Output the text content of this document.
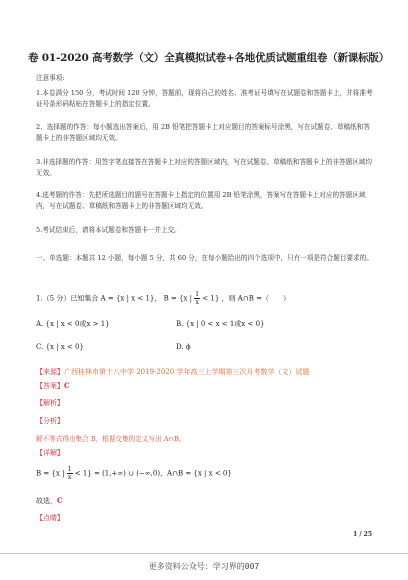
卷 01-2020 高考数学（文）全真模拟试卷+各地优质试题重组卷（新课标版）
注意事项:
1.本卷满分 150 分，考试时间 120 分钟，答题前，现将自己的姓名、准考证号填写在试题卷和答题卡上，并将准考证号条形码粘贴在答题卡上的指定位置。
2、选择题的作答：每小题选出答案后，用 2B 铅笔把答题卡上对应题目的答案标号涂黑，写在试题卷、草稿纸和答题卡上的非答题区域均无效。
3.非选择题的作答：用签字笔直接答在答题卡上对应的答题区域内，写在试题卷、草稿纸和答题卡上的非答题区域均无效。
4.选考题的作答：先把所选题目的题号在答题卡上指定的位置用 2B 铅笔涂黑，答案写在答题卡上对应的答题区域内，写在试题卷、草稿纸和答题卡上的非答题区域均无效。
5.考试结束后，请将本试题卷和答题卡一并上交。
一、单选题：本题共 12 小题，每小题 5 分，共 60 分，在每小题给出的四个选项中，只有一项是符合题目要求的。
1.（5 分）已知集合 A = {x | x < 1}， B = {x | $\frac{1}{x} < 1$} ，则 A∩B =（　　）
A. {x | x < 0或x > 1}	B. {x | 0 < x < 1或x < 0}
C. {x | x < 0}	D. ϕ
【来源】广西桂林市第十八中学 2019-2020 学年高三上学期第三次月考数学（文）试题
【答案】C
【解析】
【分析】
解不等式得出集合 B，根据交集的定义写出 A∩B。
【详解】
B = {x | $\frac{1}{x} < 1\} = (1,+\infty)$ ∪ (−∞,0)，A∩B = {x | x < 0}
故选，C
【点睛】
1 / 25
更多资料公众号：学习界的007
